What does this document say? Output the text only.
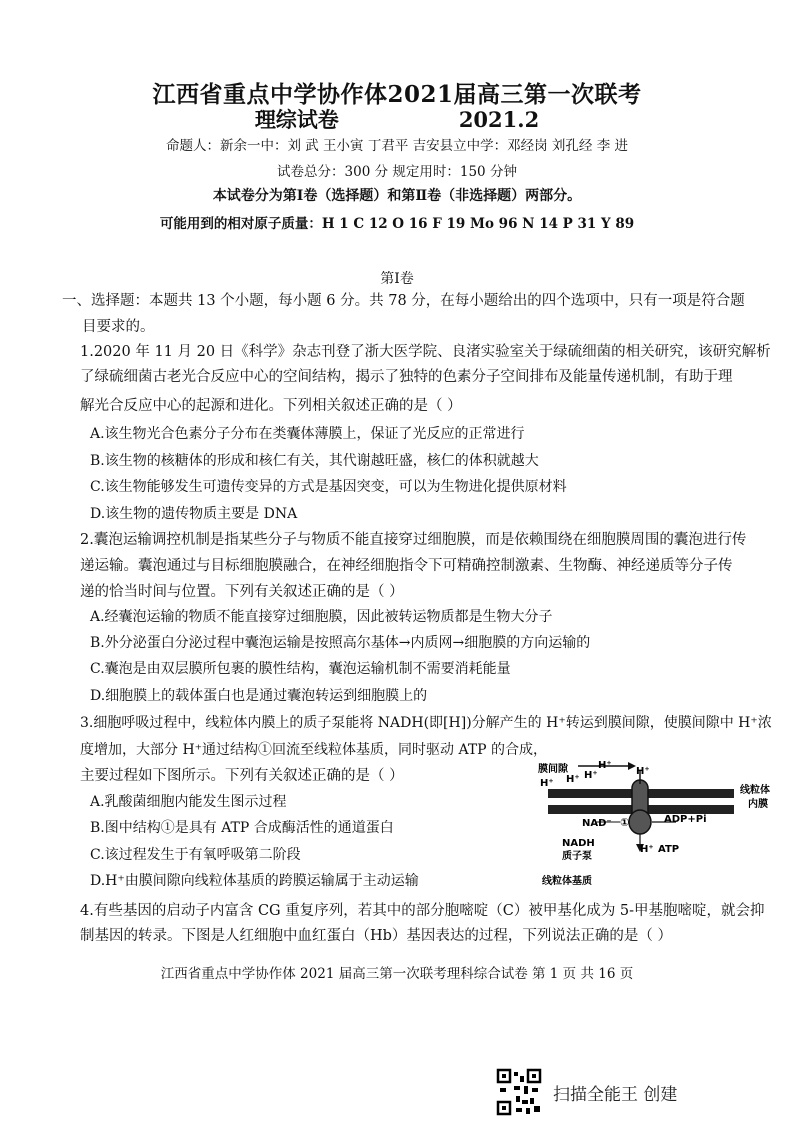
江西省重点中学协作体2021届高三第一次联考
理综试卷	2021.2
命题人：新余一中：刘 武 王小寅 丁君平 吉安县立中学：邓经岗 刘孔经 李 进
试卷总分：300 分 规定用时：150 分钟
本试卷分为第Ⅰ卷（选择题）和第Ⅱ卷（非选择题）两部分。
可能用到的相对原子质量：H 1 C 12 O 16 F 19 Mo 96 N 14 P 31 Y 89
第Ⅰ卷
一、选择题：本题共 13 个小题，每小题 6 分。共 78 分，在每小题给出的四个选项中，只有一项是符合题
目要求的。
1.2020 年 11 月 20 日《科学》杂志刊登了浙大医学院、良渚实验室关于绿硫细菌的相关研究，该研究解析
了绿硫细菌古老光合反应中心的空间结构，揭示了独特的色素分子空间排布及能量传递机制，有助于理
解光合反应中心的起源和进化。下列相关叙述正确的是（ ）
A.该生物光合色素分子分布在类囊体薄膜上，保证了光反应的正常进行
B.该生物的核糖体的形成和核仁有关，其代谢越旺盛，核仁的体积就越大
C.该生物能够发生可遗传变异的方式是基因突变，可以为生物进化提供原材料
D.该生物的遗传物质主要是 DNA
2.囊泡运输调控机制是指某些分子与物质不能直接穿过细胞膜，而是依赖围绕在细胞膜周围的囊泡进行传
递运输。囊泡通过与目标细胞膜融合，在神经细胞指令下可精确控制激素、生物酶、神经递质等分子传
递的恰当时间与位置。下列有关叙述正确的是（ ）
A.经囊泡运输的物质不能直接穿过细胞膜，因此被转运物质都是生物大分子
B.外分泌蛋白分泌过程中囊泡运输是按照高尔基体→内质网→细胞膜的方向运输的
C.囊泡是由双层膜所包裹的膜性结构，囊泡运输机制不需要消耗能量
D.细胞膜上的载体蛋白也是通过囊泡转运到细胞膜上的
3.细胞呼吸过程中，线粒体内膜上的质子泵能将 NADH(即[H])分解产生的 H⁺转运到膜间隙，使膜间隙中 H⁺浓
度增加，大部分 H⁺通过结构①回流至线粒体基质，同时驱动 ATP 的合成，
主要过程如下图所示。下列有关叙述正确的是（ ）
A.乳酸菌细胞内能发生图示过程
B.图中结构①是具有 ATP 合成酶活性的通道蛋白
C.该过程发生于有氧呼吸第二阶段
D.H⁺由膜间隙向线粒体基质的跨膜运输属于主动运输
膜间隙
H⁺
H⁺
H⁺
H⁺
H⁺
线粒体
内膜
NAD⁻ ①	ADP+Pi
H⁺ ATP
NADH
质子泵
线粒体基质
4.有些基因的启动子内富含 CG 重复序列，若其中的部分胞嘧啶（C）被甲基化成为 5-甲基胞嘧啶，就会抑
制基因的转录。下图是人红细胞中血红蛋白（Hb）基因表达的过程，下列说法正确的是（ ）
江西省重点中学协作体 2021 届高三第一次联考理科综合试卷 第 1 页 共 16 页
扫描全能王 创建
